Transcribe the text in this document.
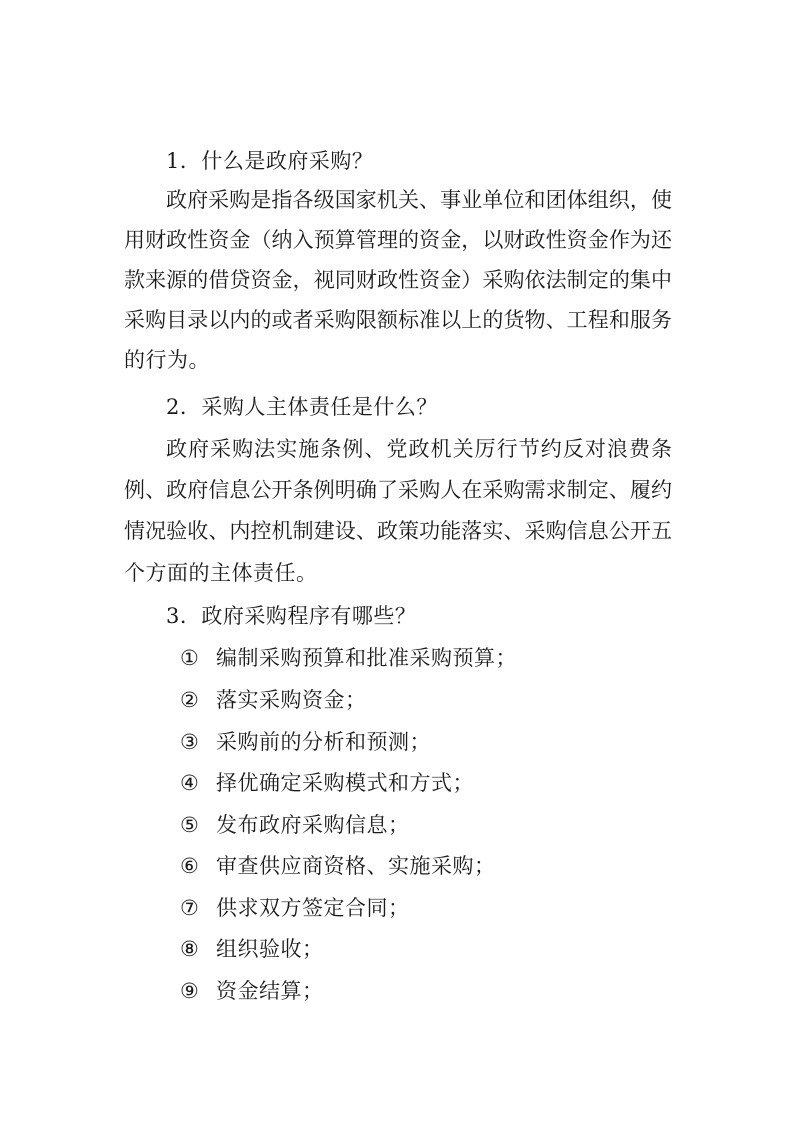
1．什么是政府采购？
政府采购是指各级国家机关、事业单位和团体组织，使
用财政性资金（纳入预算管理的资金，以财政性资金作为还
款来源的借贷资金，视同财政性资金）采购依法制定的集中
采购目录以内的或者采购限额标准以上的货物、工程和服务
的行为。
2．采购人主体责任是什么？
政府采购法实施条例、党政机关厉行节约反对浪费条
例、政府信息公开条例明确了采购人在采购需求制定、履约
情况验收、内控机制建设、政策功能落实、采购信息公开五
个方面的主体责任。
3．政府采购程序有哪些？
① 编制采购预算和批准采购预算；
② 落实采购资金；
③ 采购前的分析和预测；
④ 择优确定采购模式和方式；
⑤ 发布政府采购信息；
⑥ 审查供应商资格、实施采购；
⑦ 供求双方签定合同；
⑧ 组织验收；
⑨ 资金结算；
